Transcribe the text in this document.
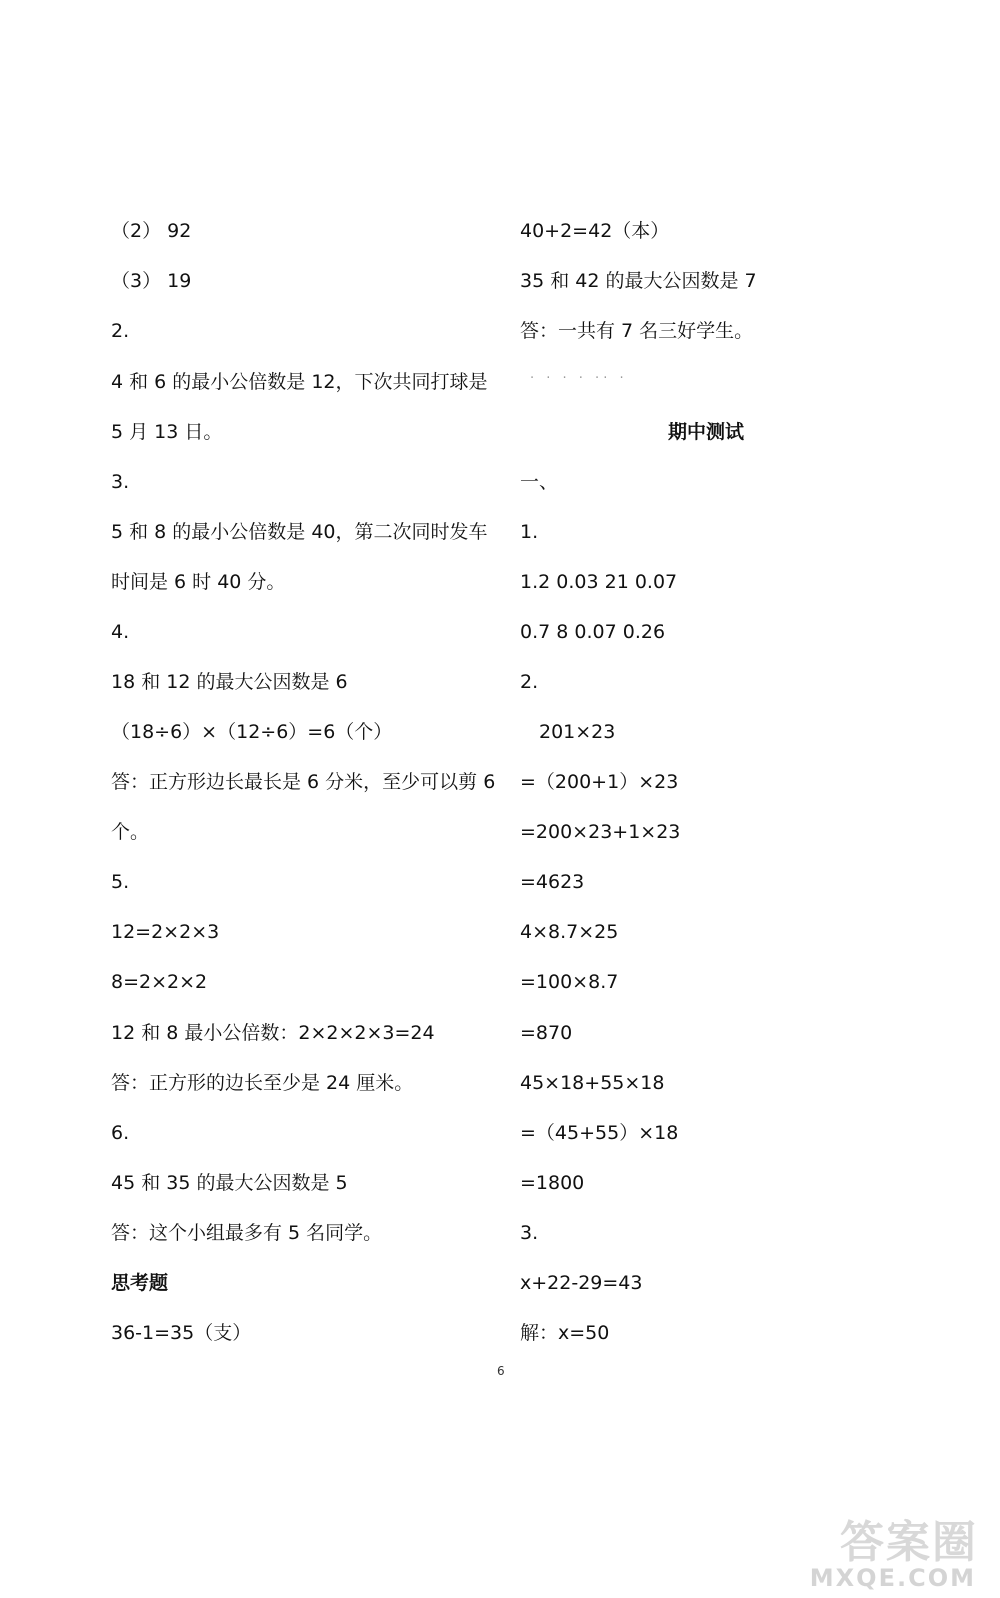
（2） 92
（3） 19
2.
4 和 6 的最小公倍数是 12，下次共同打球是
5 月 13 日。
3.
5 和 8 的最小公倍数是 40，第二次同时发车
时间是 6 时 40 分。
4.
18 和 12 的最大公因数是 6
（18÷6）×（12÷6）=6（个）
答：正方形边长最长是 6 分米，至少可以剪 6
个。
5.
12=2×2×3
8=2×2×2
12 和 8 最小公倍数：2×2×2×3=24
答：正方形的边长至少是 24 厘米。
6.
45 和 35 的最大公因数是 5
答：这个小组最多有 5 名同学。
思考题
36-1=35（支）
40+2=42（本）
35 和 42 的最大公因数是 7
答：一共有 7 名三好学生。
· · · · ·· ·
期中测试
一、
1.
1.2 0.03 21 0.07
0.7 8 0.07 0.26
2.
201×23
=（200+1）×23
=200×23+1×23
=4623
4×8.7×25
=100×8.7
=870
45×18+55×18
=（45+55）×18
=1800
3.
x+22-29=43
解：x=50
6
答案圈
MXQE.COM
